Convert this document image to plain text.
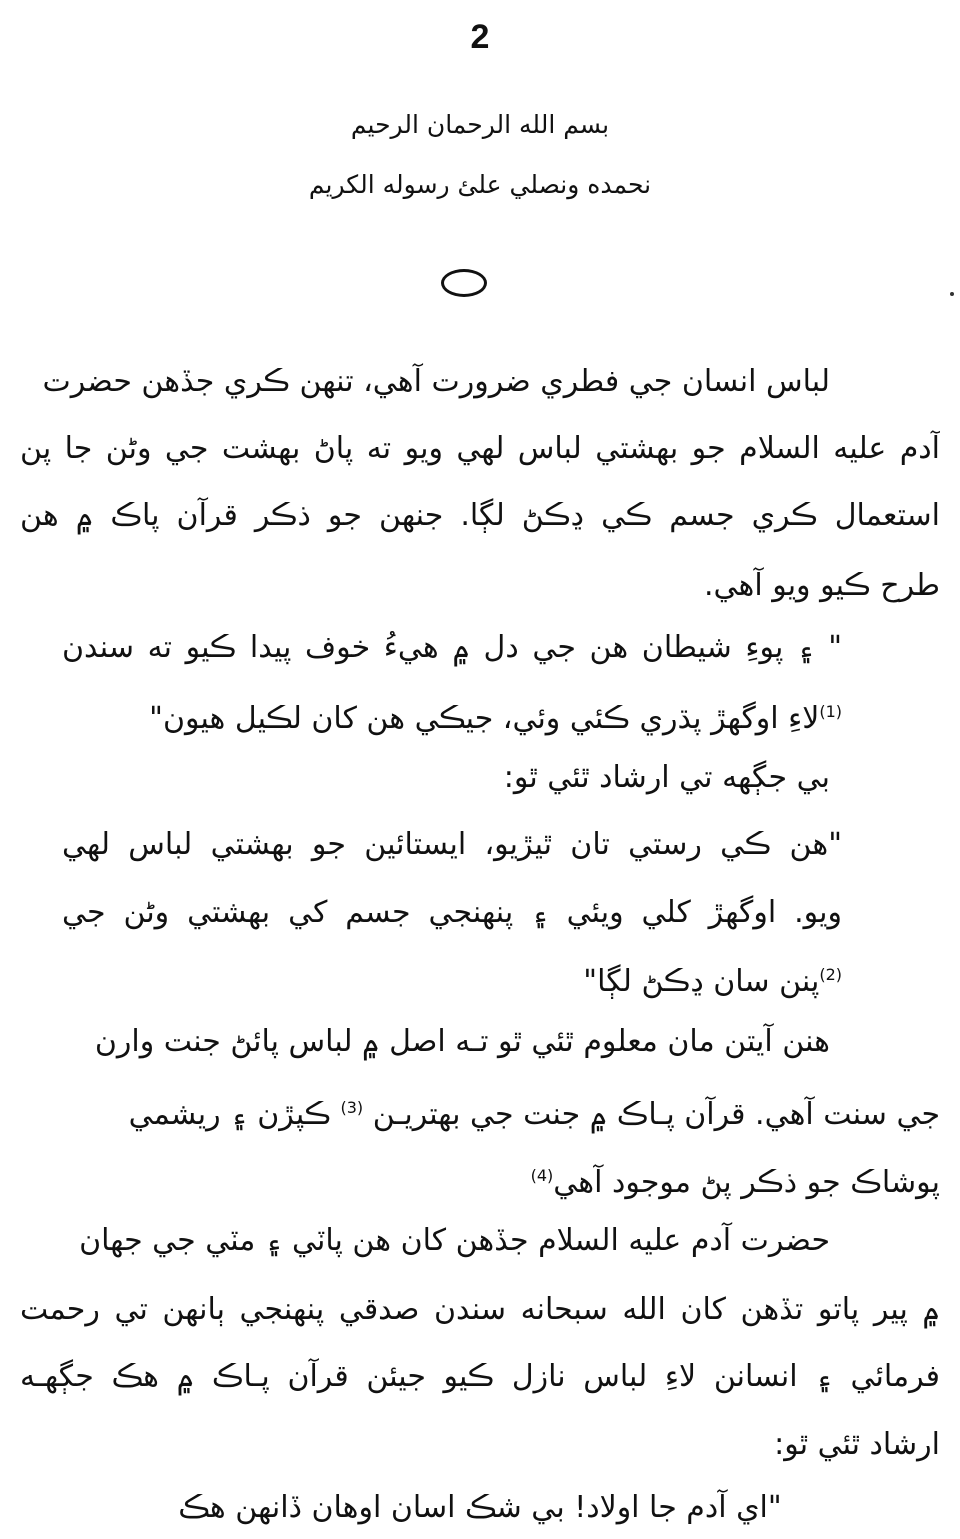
2
بسم الله الرحمان الرحيم
نحمده ونصلي علئ رسوله الكريم
لباس انسان جي فطري ضرورت آهي، تنهن ڪري جڏهن حضرت
آدم عليه السلام جو بهشتي لباس لهي ويو ته پاڻ بهشت جي وڻن جا پن
استعمال ڪري جسم ڪي ڍڪڻ لڳا. جنهن جو ذڪر قرآن پاڪ ۾ هن
طرح ڪيو ويو آهي.
" ۽ پوءِ شيطان هن جي دل ۾ هيءُ خوف پيدا ڪيو ته سندن
$^{(1)}$لاءِ اوگهڙ پڌري ڪئي وئي، جيڪي هن کان لڪيل هيون"
بي جڳهه تي ارشاد ٿئي ٿو:
"هن ڪي رستي تان ٿيڙيو، ايستائين جو بهشتي لباس لهي
ويو. اوگهڙ کلي ويئي ۽ پنهنجي جسم کي بهشتي وڻن جي
$^{(2)}$پنن سان ڍڪڻ لڳا"
هنن آيتن مان معلوم ٿئي ٿو تـه اصل ۾ لباس پائڻ جنت وارن
جي سنت آهي. قرآن پـاڪ ۾ جنت جي بهتريـن $^{(3)}$ ڪپڙن ۽ ريشمي
پوشاڪ جو ذڪر پڻ موجود آهي$^{(4)}$
حضرت آدم عليه السلام جڏهن کان هن پاٽي ۽ مٽي جي جهان
۾ پير پاتو تڏهن کان الله سبحانه سندن صدقي پنهنجي ٻانهن تي رحمت
فرمائي ۽ انسانن لاءِ لباس نازل ڪيو جيئن قرآن پـاڪ ۾ هڪ جڳهـه
ارشاد ٿئي ٿو:
"اي آدم جا اولاد! بي شڪ اسان اوهان ڏانهن هڪ
